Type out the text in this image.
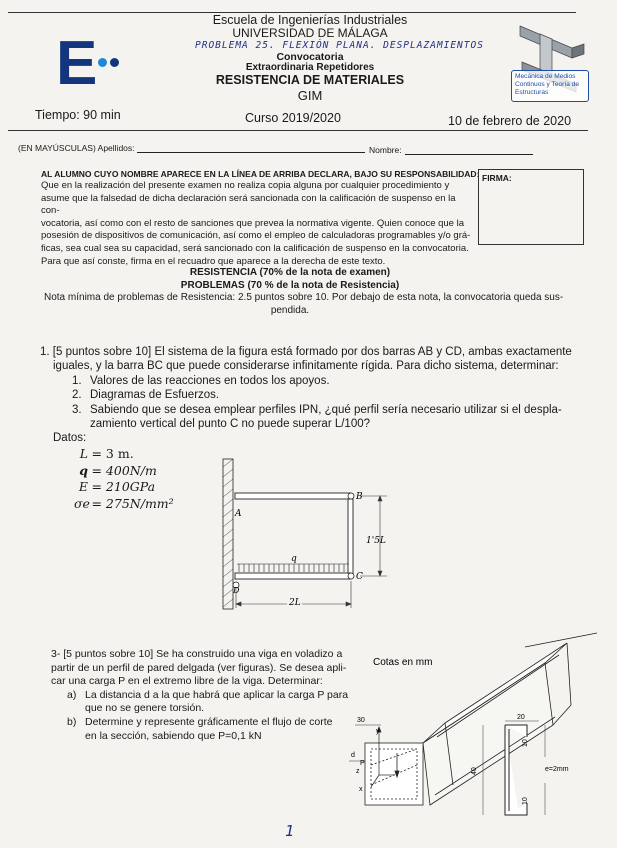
E
Escuela de Ingenierías Industriales
UNIVERSIDAD DE MÁLAGA
PROBLEMA 25. FLEXIÓN PLANA. DESPLAZAMIENTOS
Convocatoria
Extraordinaria Repetidores
RESISTENCIA DE MATERIALES
GIM
Mecánica de Medios Continuos y Teoría de Estructuras
Tiempo: 90 min	Curso 2019/2020	10 de febrero de 2020
(EN MAYÚSCULAS) Apellidos:	Nombre:
AL ALUMNO CUYO NOMBRE APARECE EN LA LÍNEA DE ARRIBA DECLARA, BAJO SU RESPONSABILIDAD:
Que en la realización del presente examen no realiza copia alguna por cualquier procedimiento y
asume que la falsedad de dicha declaración será sancionada con la calificación de suspenso en la con-
vocatoria, así como con el resto de sanciones que prevea la normativa vigente. Quien conoce que la
posesión de dispositivos de comunicación, así como el empleo de calculadoras programables y/o grá-
ficas, sea cual sea su capacidad, será sancionado con la calificación de suspenso en la convocatoria.
Para que así conste, firma en el recuadro que aparece a la derecha de este texto.
FIRMA:
RESISTENCIA (70% de la nota de examen)
PROBLEMAS (70 % de la nota de Resistencia)
Nota mínima de problemas de Resistencia: 2.5 puntos sobre 10. Por debajo de esta nota, la convocatoria queda sus-
pendida.
1. [5 puntos sobre 10] El sistema de la figura está formado por dos barras AB y CD, ambas exactamente
iguales, y la barra BC que puede considerarse infinitamente rígida. Para dicho sistema, determinar:
1. Valores de las reacciones en todos los apoyos.
2. Diagramas de Esfuerzos.
3. Sabiendo que se desea emplear perfiles IPN, ¿qué perfil sería necesario utilizar si el despla-
zamiento vertical del punto C no puede superar L/100?
Datos:
L = 3 m.
q = 400N/m
E = 210GPa
σe = 275N/mm²
A
B
C
D
q
1'5L
2L
3- [5 puntos sobre 10] Se ha construido una viga en voladizo a
partir de un perfil de pared delgada (ver figuras). Se desea apli-
car una carga P en el extremo libre de la viga. Determinar:
a) La distancia d a la que habrá que aplicar la carga P para
que no se genere torsión.
b) Determine y represente gráficamente el flujo de corte
en la sección, sabiendo que P=0,1 kN
Cotas en mm
30
y
d
P
z
x
20
10
40
10
e=2mm
1
